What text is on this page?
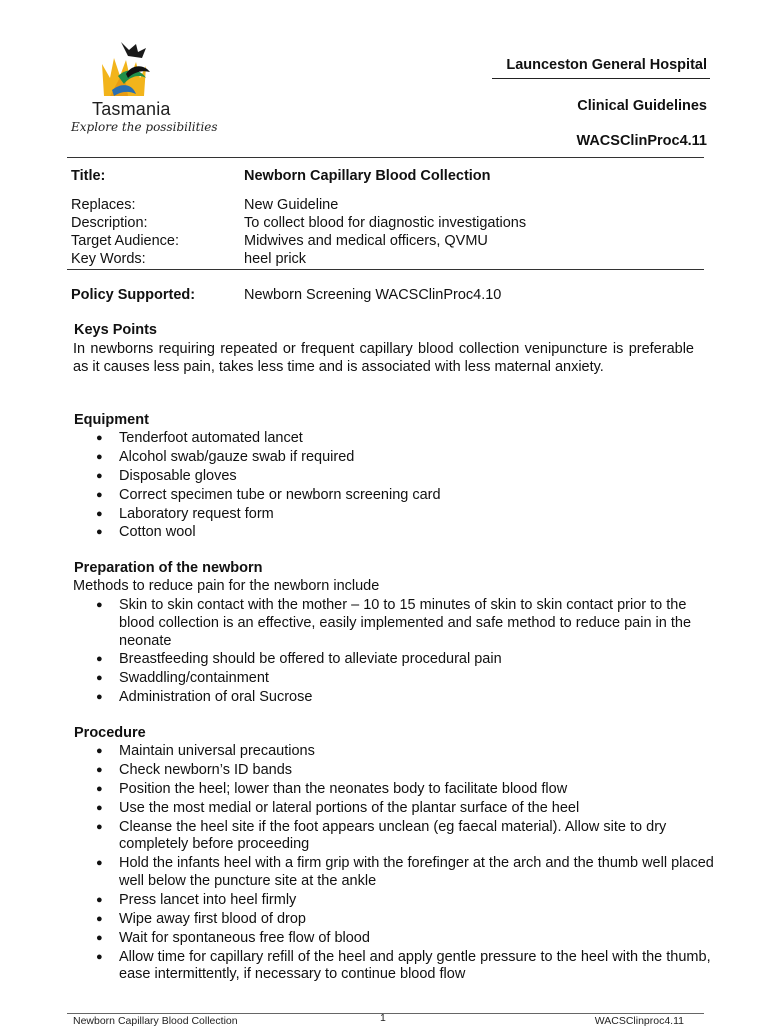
Tasmania
Explore the possibilities
Launceston General Hospital
Clinical Guidelines
WACSClinProc4.11
Title:	Newborn Capillary Blood Collection
Replaces:	New Guideline
Description:	To collect blood for diagnostic investigations
Target Audience:	Midwives and medical officers, QVMU
Key Words:	heel prick
Policy Supported:	Newborn Screening WACSClinProc4.10
Keys Points
In newborns requiring repeated or frequent capillary blood collection venipuncture is preferable as it causes less pain, takes less time and is associated with less maternal anxiety.
Equipment
● Tenderfoot automated lancet
● Alcohol swab/gauze swab if required
● Disposable gloves
● Correct specimen tube or newborn screening card
● Laboratory request form
● Cotton wool
Preparation of the newborn
Methods to reduce pain for the newborn include
● Skin to skin contact with the mother – 10 to 15 minutes of skin to skin contact prior to the blood collection is an effective, easily implemented and safe method to reduce pain in the neonate
● Breastfeeding should be offered to alleviate procedural pain
● Swaddling/containment
● Administration of oral Sucrose
Procedure
● Maintain universal precautions
● Check newborn’s ID bands
● Position the heel; lower than the neonates body to facilitate blood flow
● Use the most medial or lateral portions of the plantar surface of the heel
● Cleanse the heel site if the foot appears unclean (eg faecal material). Allow site to dry completely before proceeding
● Hold the infants heel with a firm grip with the forefinger at the arch and the thumb well placed well below the puncture site at the ankle
● Press lancet into heel firmly
● Wipe away first blood of drop
● Wait for spontaneous free flow of blood
● Allow time for capillary refill of the heel and apply gentle pressure to the heel with the thumb, ease intermittently, if necessary to continue blood flow
Newborn Capillary Blood Collection	1	WACSClinproc4.11
